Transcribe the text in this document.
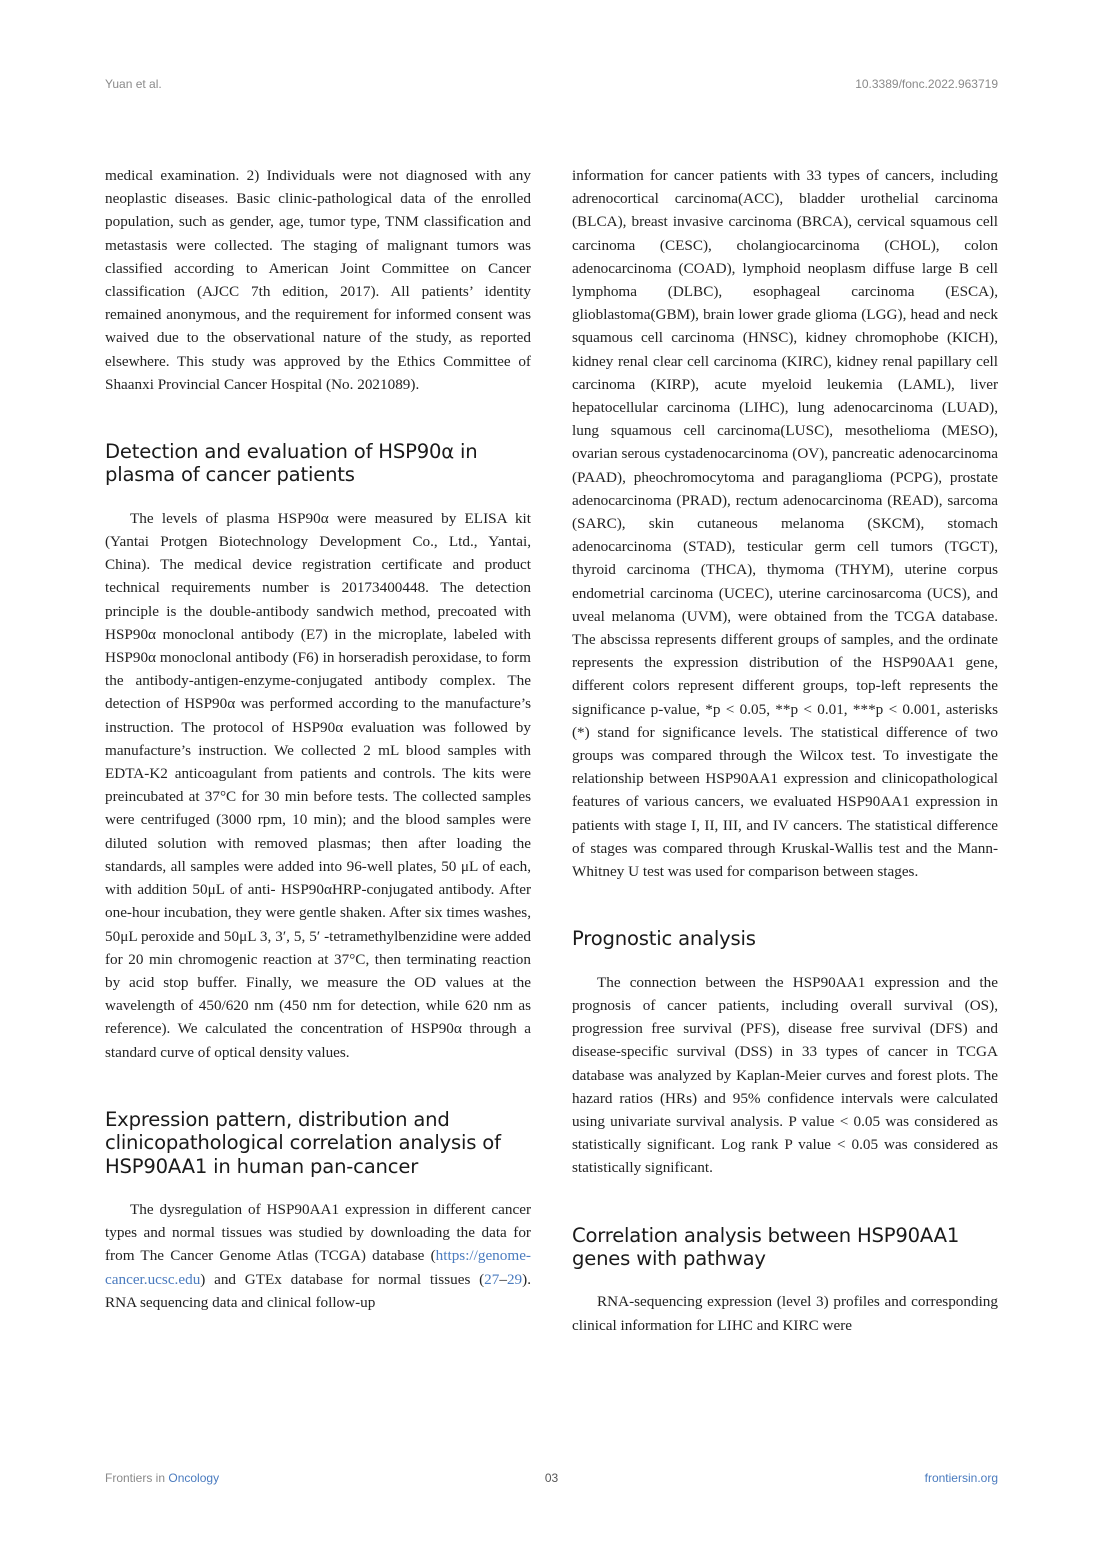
Yuan et al.	10.3389/fonc.2022.963719

medical examination. 2) Individuals were not diagnosed with any neoplastic diseases. Basic clinic-pathological data of the enrolled population, such as gender, age, tumor type, TNM classification and metastasis were collected. The staging of malignant tumors was classified according to American Joint Committee on Cancer classification (AJCC 7th edition, 2017). All patients’ identity remained anonymous, and the requirement for informed consent was waived due to the observational nature of the study, as reported elsewhere. This study was approved by the Ethics Committee of Shaanxi Provincial Cancer Hospital (No. 2021089).

Detection and evaluation of HSP90α in plasma of cancer patients

The levels of plasma HSP90α were measured by ELISA kit (Yantai Protgen Biotechnology Development Co., Ltd., Yantai, China). The medical device registration certificate and product technical requirements number is 20173400448. The detection principle is the double-antibody sandwich method, precoated with HSP90α monoclonal antibody (E7) in the microplate, labeled with HSP90α monoclonal antibody (F6) in horseradish peroxidase, to form the antibody-antigen-enzyme-conjugated antibody complex. The detection of HSP90α was performed according to the manufacture’s instruction. The protocol of HSP90α evaluation was followed by manufacture’s instruction. We collected 2 mL blood samples with EDTA-K2 anticoagulant from patients and controls. The kits were preincubated at 37°C for 30 min before tests. The collected samples were centrifuged (3000 rpm, 10 min); and the blood samples were diluted solution with removed plasmas; then after loading the standards, all samples were added into 96-well plates, 50 μL of each, with addition 50μL of anti- HSP90αHRP-conjugated antibody. After one-hour incubation, they were gentle shaken. After six times washes, 50μL peroxide and 50μL 3, 3′, 5, 5′ -tetramethylbenzidine were added for 20 min chromogenic reaction at 37°C, then terminating reaction by acid stop buffer. Finally, we measure the OD values at the wavelength of 450/620 nm (450 nm for detection, while 620 nm as reference). We calculated the concentration of HSP90α through a standard curve of optical density values.

Expression pattern, distribution and clinicopathological correlation analysis of HSP90AA1 in human pan-cancer

The dysregulation of HSP90AA1 expression in different cancer types and normal tissues was studied by downloading the data for from The Cancer Genome Atlas (TCGA) database (https://genome-cancer.ucsc.edu) and GTEx database for normal tissues (27–29). RNA sequencing data and clinical follow-up

information for cancer patients with 33 types of cancers, including adrenocortical carcinoma(ACC), bladder urothelial carcinoma (BLCA), breast invasive carcinoma (BRCA), cervical squamous cell carcinoma (CESC), cholangiocarcinoma (CHOL), colon adenocarcinoma (COAD), lymphoid neoplasm diffuse large B cell lymphoma (DLBC), esophageal carcinoma (ESCA), glioblastoma(GBM), brain lower grade glioma (LGG), head and neck squamous cell carcinoma (HNSC), kidney chromophobe (KICH), kidney renal clear cell carcinoma (KIRC), kidney renal papillary cell carcinoma (KIRP), acute myeloid leukemia (LAML), liver hepatocellular carcinoma (LIHC), lung adenocarcinoma (LUAD), lung squamous cell carcinoma(LUSC), mesothelioma (MESO), ovarian serous cystadenocarcinoma (OV), pancreatic adenocarcinoma (PAAD), pheochromocytoma and paraganglioma (PCPG), prostate adenocarcinoma (PRAD), rectum adenocarcinoma (READ), sarcoma (SARC), skin cutaneous melanoma (SKCM), stomach adenocarcinoma (STAD), testicular germ cell tumors (TGCT), thyroid carcinoma (THCA), thymoma (THYM), uterine corpus endometrial carcinoma (UCEC), uterine carcinosarcoma (UCS), and uveal melanoma (UVM), were obtained from the TCGA database. The abscissa represents different groups of samples, and the ordinate represents the expression distribution of the HSP90AA1 gene, different colors represent different groups, top-left represents the significance p-value, *p < 0.05, **p < 0.01, ***p < 0.001, asterisks (*) stand for significance levels. The statistical difference of two groups was compared through the Wilcox test. To investigate the relationship between HSP90AA1 expression and clinicopathological features of various cancers, we evaluated HSP90AA1 expression in patients with stage I, II, III, and IV cancers. The statistical difference of stages was compared through Kruskal-Wallis test and the Mann-Whitney U test was used for comparison between stages.

Prognostic analysis

The connection between the HSP90AA1 expression and the prognosis of cancer patients, including overall survival (OS), progression free survival (PFS), disease free survival (DFS) and disease-specific survival (DSS) in 33 types of cancer in TCGA database was analyzed by Kaplan-Meier curves and forest plots. The hazard ratios (HRs) and 95% confidence intervals were calculated using univariate survival analysis. P value < 0.05 was considered as statistically significant. Log rank P value < 0.05 was considered as statistically significant.

Correlation analysis between HSP90AA1 genes with pathway

RNA-sequencing expression (level 3) profiles and corresponding clinical information for LIHC and KIRC were

Frontiers in Oncology	03	frontiersin.org
